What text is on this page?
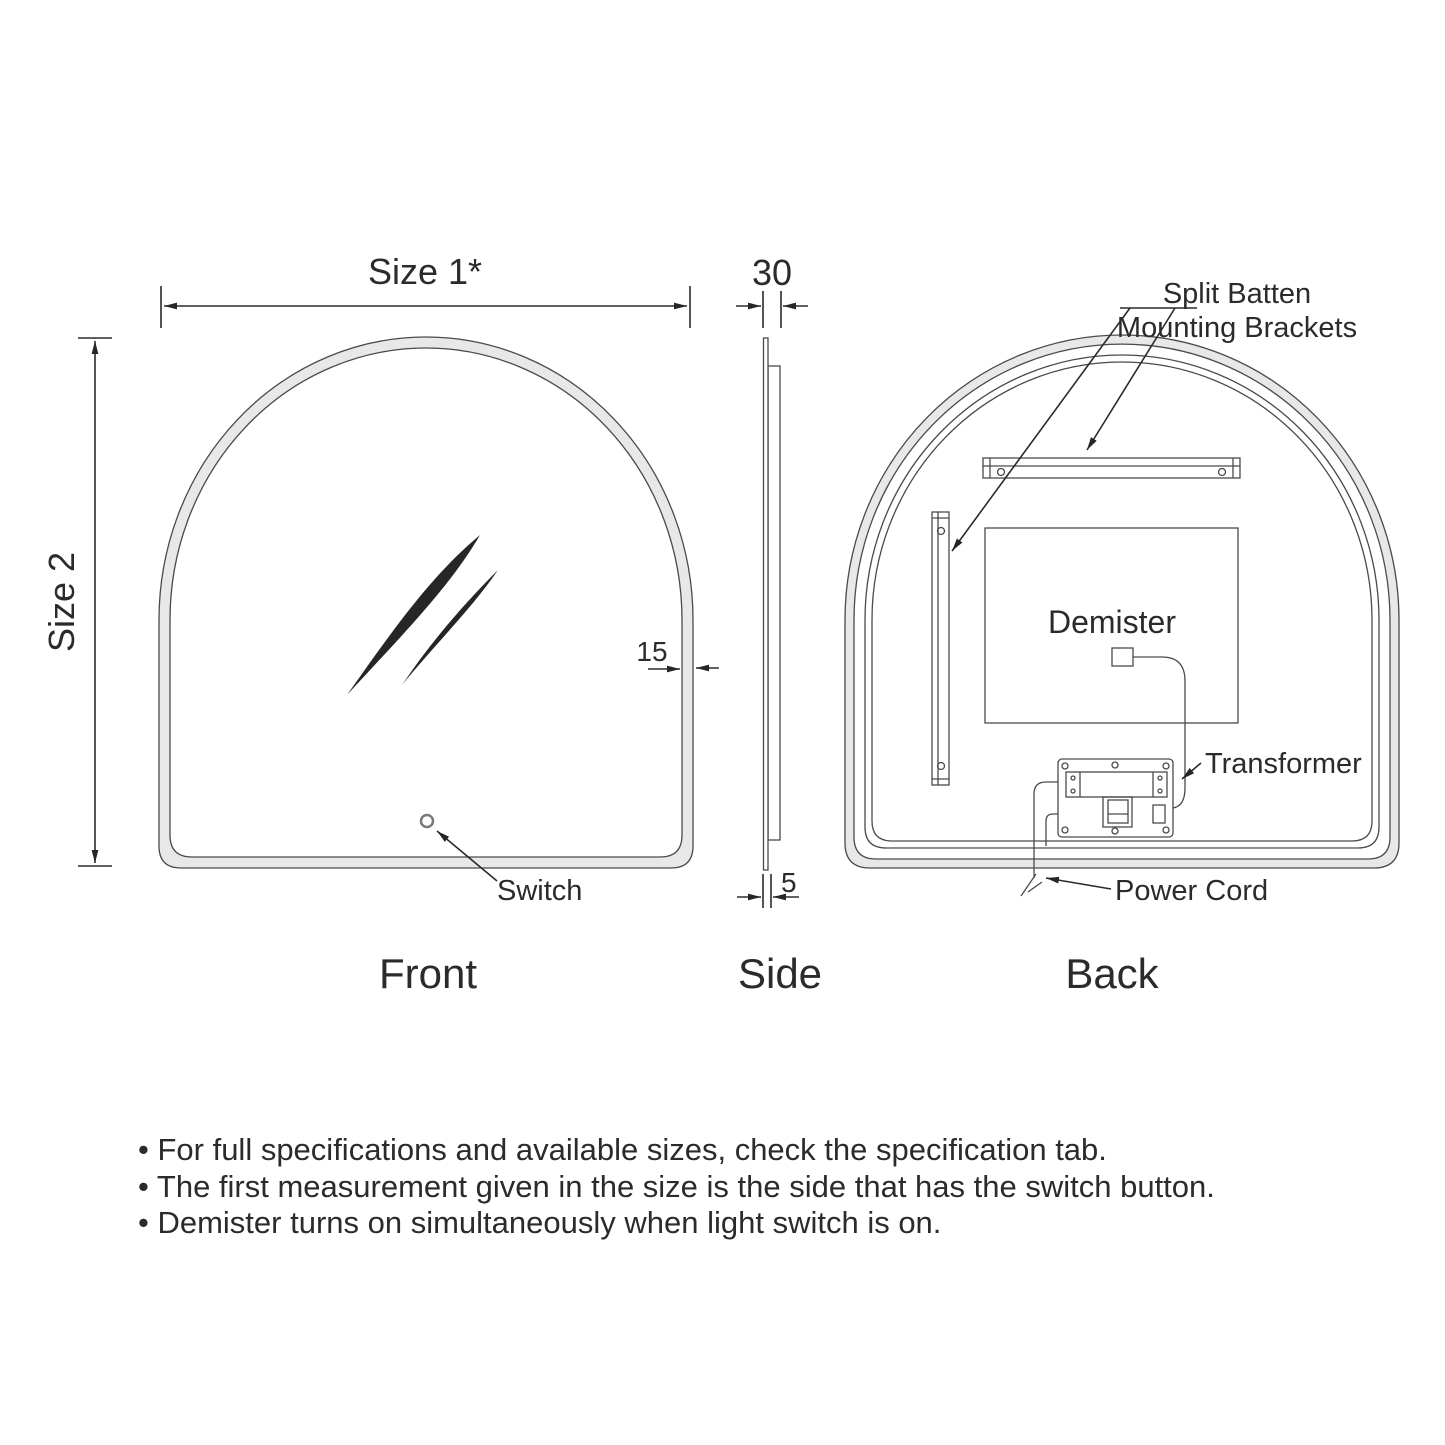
Size 1*
Size 2	15
Switch
Front
30
5
Side
Demister
Split Batten
Mounting Brackets
Transformer
Power Cord
Back
• For full specifications and available sizes, check the specification tab.
• The first measurement given in the size is the side that has the switch button.
• Demister turns on simultaneously when light switch is on.
